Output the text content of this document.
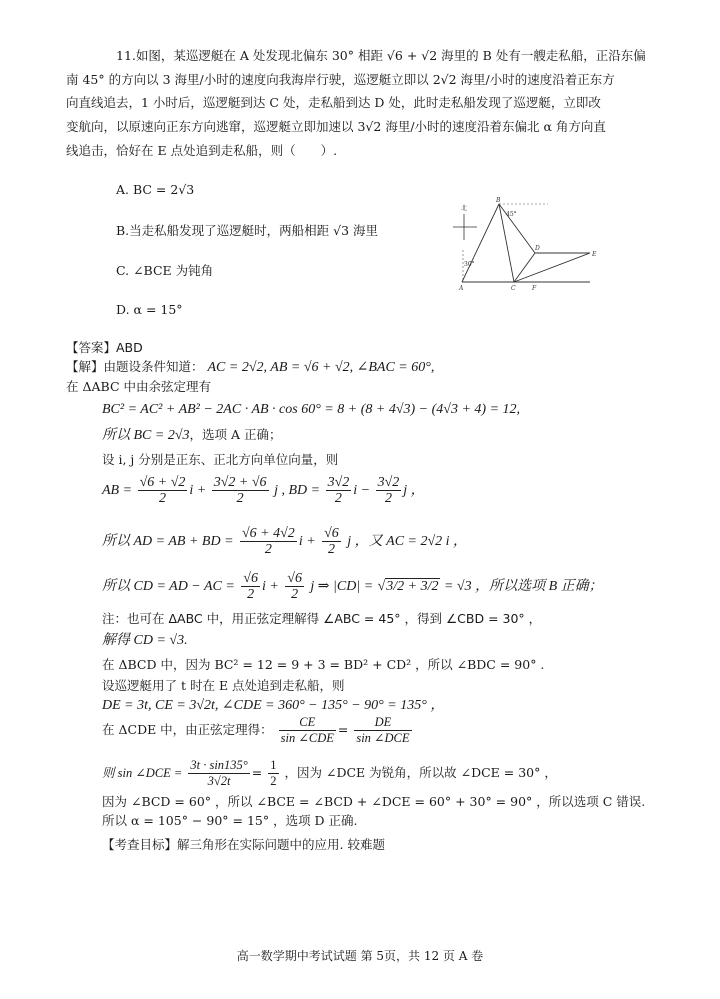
11.如图，某巡逻艇在 A 处发现北偏东 30° 相距 √6 + √2 海里的 B 处有一艘走私船，正沿东偏
南 45° 的方向以 3 海里/小时的速度向我海岸行驶，巡逻艇立即以 2√2 海里/小时的速度沿着正东方
向直线追去，1 小时后，巡逻艇到达 C 处，走私船到达 D 处，此时走私船发现了巡逻艇，立即改
变航向，以原速向正东方向逃窜，巡逻艇立即加速以 3√2 海里/小时的速度沿着东偏北 α 角方向直
线追击，恰好在 E 点处追到走私船，则（　　）.
A. BC = 2√3
B.当走私船发现了巡逻艇时，两船相距 √3 海里
C. ∠BCE 为钝角
D. α = 15°
北
45°
30°
B
A	C
D
E
F
【答案】ABD
【解】由题设条件知道： AC = 2√2, AB = √6 + √2, ∠BAC = 60°,
在 ΔABC 中由余弦定理有
BC² = AC² + AB² − 2AC · AB · cos 60° = 8 + (8 + 4√3) − (4√3 + 4) = 12,
所以 BC = 2√3，选项 A 正确；
设 i, j 分别是正东、正北方向单位向量，则
AB = $\frac{√6 + √2}{2}$ $i + \frac{3√2 + √6}{2}$ j , BD = $\frac{3√2}{2}$ $i - \frac{3√2}{2}$ j ，
所以 AD = AB + BD = $\frac{√6 + 4√2}{2}$ $i + \frac{√6}{2}$ j ，又 AC = 2√2 i ，
所以 CD = AD − AC = $\frac{√6}{2}$ $i + \frac{√6}{2}$ j ⇒ |CD| = √3/2 + 3/2 = √3 ，所以选项 B 正确；
注：也可在 ΔABC 中，用正弦定理解得 ∠ABC = 45° ，得到 ∠CBD = 30° ，
解得 CD = √3.
在 ΔBCD 中，因为 BC² = 12 = 9 + 3 = BD² + CD² ，所以 ∠BDC = 90° .
设巡逻艇用了 t 时在 E 点处追到走私船，则
DE = 3t, CE = 3√2t, ∠CDE = 360° − 135° − 90° = 135° ，
在 ΔCDE 中，由正弦定理得： $\frac{CE}{\text{sin ∠CDE}} = \frac{DE}{\text{sin ∠DCE}}$
则 sin ∠DCE = $\frac{3t \cdot \sin 135^\circ}{3√2t} = \frac{1}{2}$ ，因为 ∠DCE 为锐角，所以故 ∠DCE = 30° ，
因为 ∠BCD = 60° ，所以 ∠BCE = ∠BCD + ∠DCE = 60° + 30° = 90° ，所以选项 C 错误.
所以 α = 105° − 90° = 15° ，选项 D 正确.
【考查目标】解三角形在实际问题中的应用. 较难题
高一数学期中考试试题 第 5页，共 12 页 A 卷
